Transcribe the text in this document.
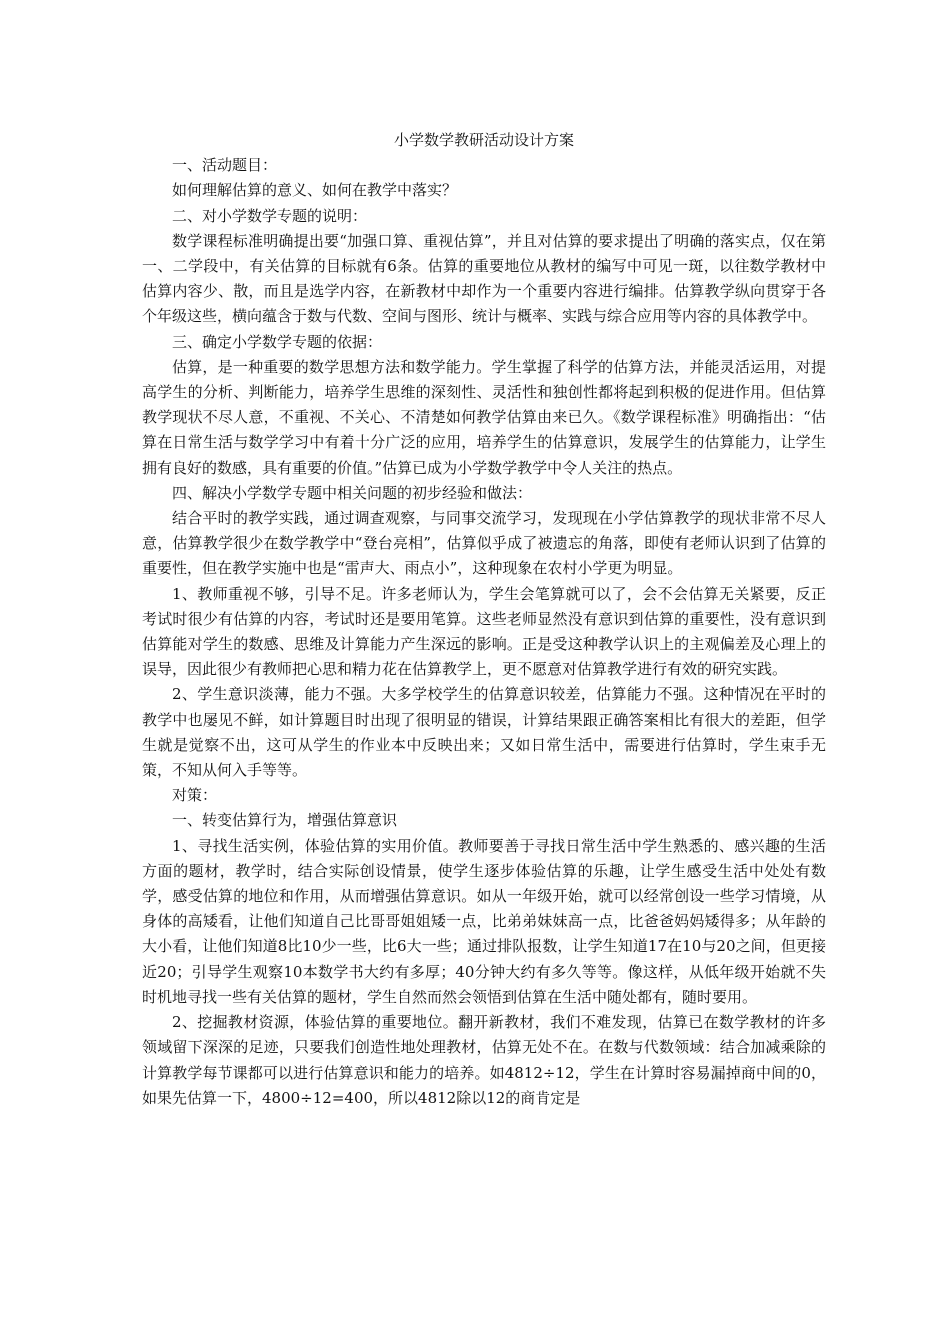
小学数学教研活动设计方案

一、活动题目：

如何理解估算的意义、如何在教学中落实？

二、对小学数学专题的说明：

数学课程标准明确提出要“加强口算、重视估算”，并且对估算的要求提出了明确的落实点，仅在第一、二学段中，有关估算的目标就有6条。估算的重要地位从教材的编写中可见一斑，以往数学教材中估算内容少、散，而且是选学内容，在新教材中却作为一个重要内容进行编排。估算教学纵向贯穿于各个年级这些，横向蕴含于数与代数、空间与图形、统计与概率、实践与综合应用等内容的具体教学中。

三、确定小学数学专题的依据：

估算，是一种重要的数学思想方法和数学能力。学生掌握了科学的估算方法，并能灵活运用，对提高学生的分析、判断能力，培养学生思维的深刻性、灵活性和独创性都将起到积极的促进作用。但估算教学现状不尽人意，不重视、不关心、不清楚如何教学估算由来已久。《数学课程标准》明确指出：“估算在日常生活与数学学习中有着十分广泛的应用，培养学生的估算意识，发展学生的估算能力，让学生拥有良好的数感，具有重要的价值。”估算已成为小学数学教学中令人关注的热点。

四、解决小学数学专题中相关问题的初步经验和做法：

结合平时的教学实践，通过调查观察，与同事交流学习，发现现在小学估算教学的现状非常不尽人意，估算教学很少在数学教学中“登台亮相”，估算似乎成了被遗忘的角落，即使有老师认识到了估算的重要性，但在教学实施中也是“雷声大、雨点小”，这种现象在农村小学更为明显。

1、教师重视不够，引导不足。许多老师认为，学生会笔算就可以了，会不会估算无关紧要，反正考试时很少有估算的内容，考试时还是要用笔算。这些老师显然没有意识到估算的重要性，没有意识到估算能对学生的数感、思维及计算能力产生深远的影响。正是受这种教学认识上的主观偏差及心理上的误导，因此很少有教师把心思和精力花在估算教学上，更不愿意对估算教学进行有效的研究实践。

2、学生意识淡薄，能力不强。大多学校学生的估算意识较差，估算能力不强。这种情况在平时的教学中也屡见不鲜，如计算题目时出现了很明显的错误，计算结果跟正确答案相比有很大的差距，但学生就是觉察不出，这可从学生的作业本中反映出来；又如日常生活中，需要进行估算时，学生束手无策，不知从何入手等等。

对策：

一、转变估算行为，增强估算意识

1、寻找生活实例，体验估算的实用价值。教师要善于寻找日常生活中学生熟悉的、感兴趣的生活方面的题材，教学时，结合实际创设情景，使学生逐步体验估算的乐趣，让学生感受生活中处处有数学，感受估算的地位和作用，从而增强估算意识。如从一年级开始，就可以经常创设一些学习情境，从身体的高矮看，让他们知道自己比哥哥姐姐矮一点，比弟弟妹妹高一点，比爸爸妈妈矮得多；从年龄的大小看，让他们知道8比10少一些，比6大一些；通过排队报数，让学生知道17在10与20之间，但更接近20；引导学生观察10本数学书大约有多厚；40分钟大约有多久等等。像这样，从低年级开始就不失时机地寻找一些有关估算的题材，学生自然而然会领悟到估算在生活中随处都有，随时要用。

2、挖掘教材资源，体验估算的重要地位。翻开新教材，我们不难发现，估算已在数学教材的许多领域留下深深的足迹，只要我们创造性地处理教材，估算无处不在。在数与代数领域：结合加减乘除的计算教学每节课都可以进行估算意识和能力的培养。如4812÷12，学生在计算时容易漏掉商中间的0，如果先估算一下，4800÷12=400，所以4812除以12的商肯定是
